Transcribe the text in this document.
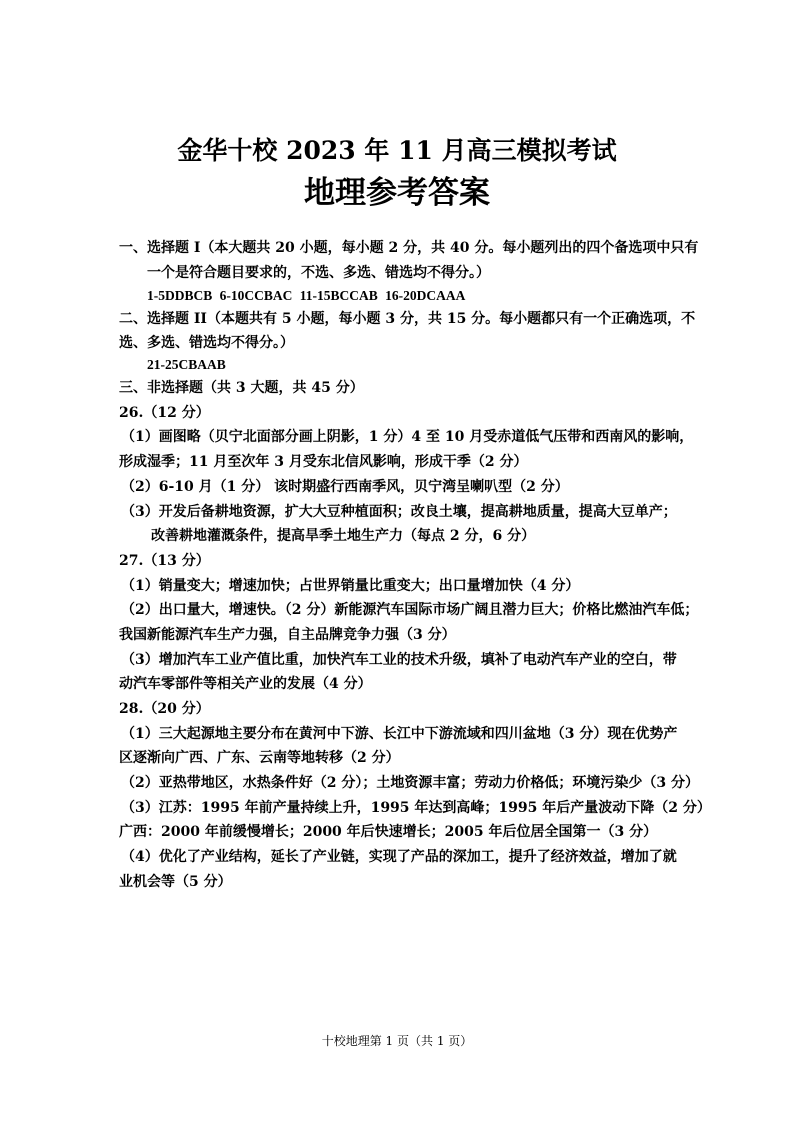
金华十校 2023 年 11 月高三模拟考试
地理参考答案
一、选择题 I（本大题共 20 小题，每小题 2 分，共 40 分。每小题列出的四个备选项中只有
一个是符合题目要求的，不选、多选、错选均不得分。）
1-5DDBCB 6-10CCBAC 11-15BCCAB 16-20DCAAA
二、选择题 II（本题共有 5 小题，每小题 3 分，共 15 分。每小题都只有一个正确选项，不
选、多选、错选均不得分。）
21-25CBAAB
三、非选择题（共 3 大题，共 45 分）
26.（12 分）
（1）画图略（贝宁北面部分画上阴影，1 分）4 至 10 月受赤道低气压带和西南风的影响，
形成湿季；11 月至次年 3 月受东北信风影响，形成干季（2 分）
（2）6-10 月（1 分） 该时期盛行西南季风，贝宁湾呈喇叭型（2 分）
（3）开发后备耕地资源，扩大大豆种植面积；改良土壤，提高耕地质量，提高大豆单产；
改善耕地灌溉条件，提高旱季土地生产力（每点 2 分，6 分）
27.（13 分）
（1）销量变大；增速加快；占世界销量比重变大；出口量增加快（4 分）
（2）出口量大，增速快。（2 分）新能源汽车国际市场广阔且潜力巨大；价格比燃油汽车低；
我国新能源汽车生产力强，自主品牌竞争力强（3 分）
（3）增加汽车工业产值比重，加快汽车工业的技术升级，填补了电动汽车产业的空白，带
动汽车零部件等相关产业的发展（4 分）
28.（20 分）
（1）三大起源地主要分布在黄河中下游、长江中下游流域和四川盆地（3 分）现在优势产
区逐渐向广西、广东、云南等地转移（2 分）
（2）亚热带地区，水热条件好（2 分）；土地资源丰富；劳动力价格低；环境污染少（3 分）
（3）江苏：1995 年前产量持续上升，1995 年达到高峰；1995 年后产量波动下降（2 分）
广西：2000 年前缓慢增长；2000 年后快速增长；2005 年后位居全国第一（3 分）
（4）优化了产业结构，延长了产业链，实现了产品的深加工，提升了经济效益，增加了就
业机会等（5 分）
十校地理第 1 页（共 1 页）
